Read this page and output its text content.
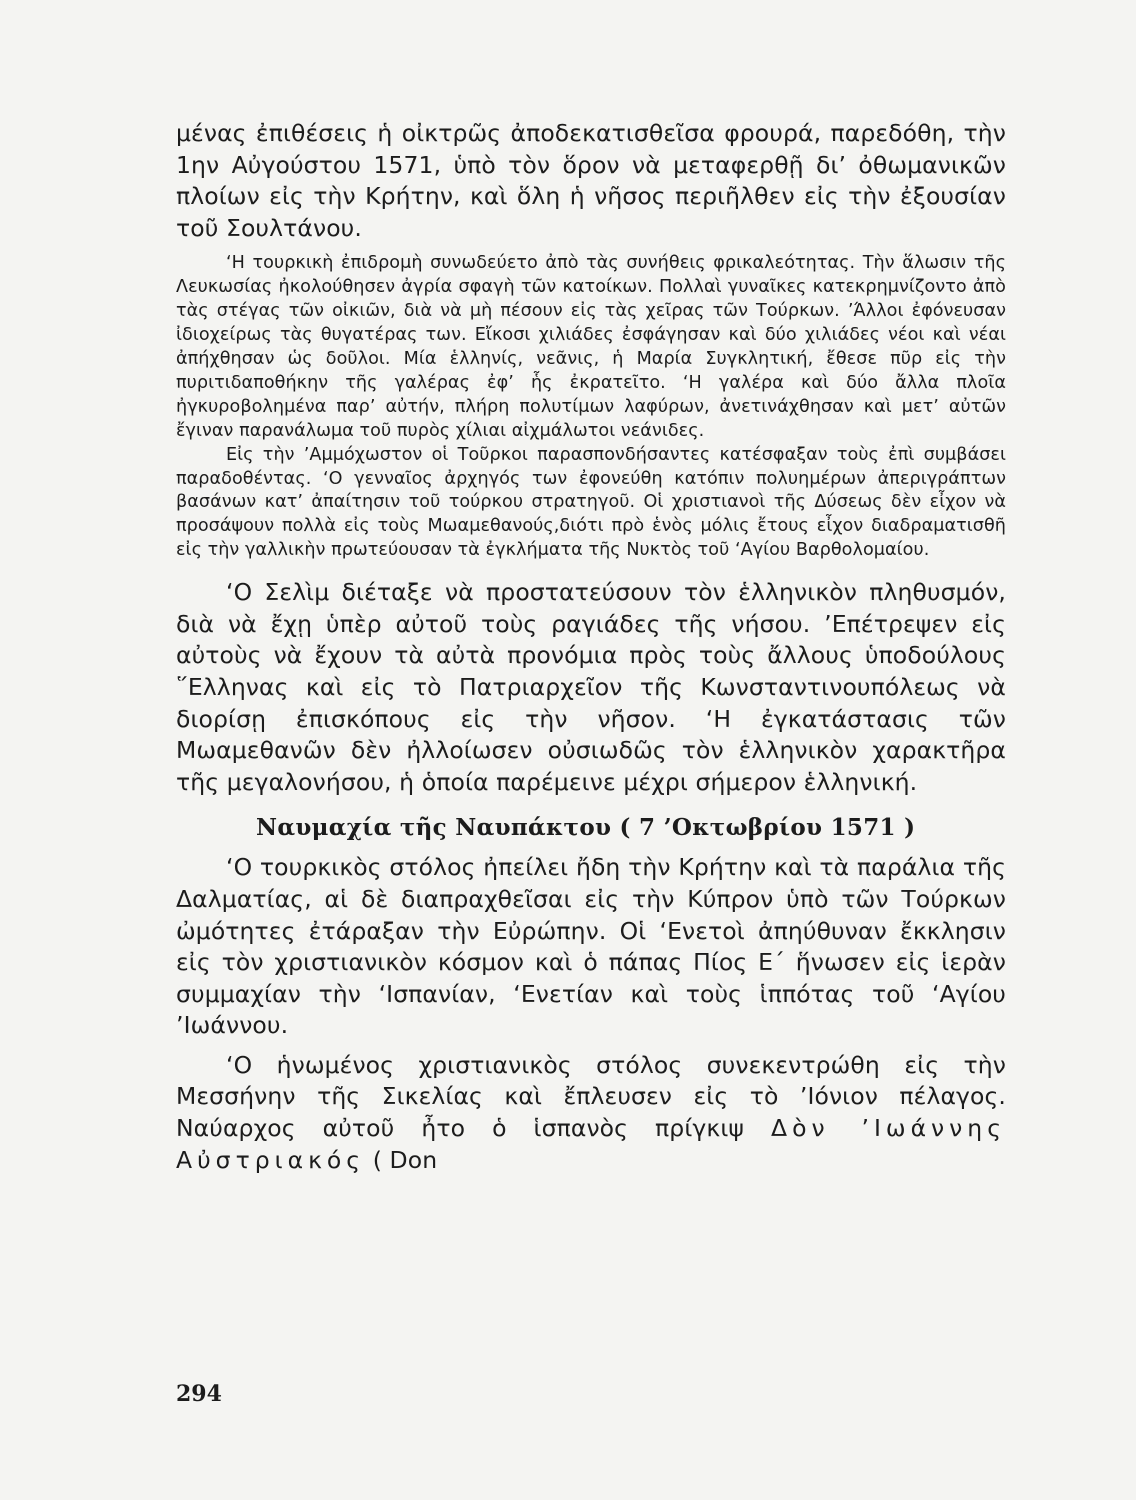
μένας ἐπιθέσεις ἡ οἰκτρῶς ἀποδεκατισθεῖσα φρουρά, παρεδόθη, τὴν 1ην Αὐγούστου 1571, ὑπὸ τὸν ὅρον νὰ μεταφερθῇ δι’ ὀθωμανικῶν πλοίων εἰς τὴν Κρήτην, καὶ ὅλη ἡ νῆσος περιῆλθεν εἰς τὴν ἐξουσίαν τοῦ Σουλτάνου.

‘Η τουρκικὴ ἐπιδρομὴ συνωδεύετο ἀπὸ τὰς συνήθεις φρικαλεότητας. Τὴν ἅλωσιν τῆς Λευκωσίας ἠκολούθησεν ἀγρία σφαγὴ τῶν κατοίκων. Πολλαὶ γυναῖκες κατεκρημνίζοντο ἀπὸ τὰς στέγας τῶν οἰκιῶν, διὰ νὰ μὴ πέσουν εἰς τὰς χεῖρας τῶν Τούρκων. ’Άλλοι ἐφόνευσαν ἰδιοχείρως τὰς θυγατέρας των. Εἴκοσι χιλιάδες ἐσφάγησαν καὶ δύο χιλιάδες νέοι καὶ νέαι ἀπήχθησαν ὡς δοῦλοι. Μία ἑλληνίς, νεᾶνις, ἡ Μαρία Συγκλητική, ἔθεσε πῦρ εἰς τὴν πυριτιδαποθήκην τῆς γαλέρας ἐφ’ ἧς ἐκρατεῖτο. ‘Η γαλέρα καὶ δύο ἄλλα πλοῖα ἠγκυροβολημένα παρ’ αὐτήν, πλήρη πολυτίμων λαφύρων, ἀνετινάχθησαν καὶ μετ’ αὐτῶν ἔγιναν παρανάλωμα τοῦ πυρὸς χίλιαι αἰχμάλωτοι νεάνιδες.

Εἰς τὴν ’Αμμόχωστον οἱ Τοῦρκοι παρασπονδήσαντες κατέσφαξαν τοὺς ἐπὶ συμβάσει παραδοθέντας. ‘Ο γενναῖος ἀρχηγός των ἐφονεύθη κατόπιν πολυημέρων ἀπεριγράπτων βασάνων κατ’ ἀπαίτησιν τοῦ τούρκου στρατηγοῦ. Οἱ χριστιανοὶ τῆς Δύσεως δὲν εἶχον νὰ προσάψουν πολλὰ εἰς τοὺς Μωαμεθανούς,διότι πρὸ ἑνὸς μόλις ἔτους εἶχον διαδραματισθῆ εἰς τὴν γαλλικὴν πρωτεύουσαν τὰ ἐγκλήματα τῆς Νυκτὸς τοῦ ‘Αγίου Βαρθολομαίου.

‘Ο Σελὶμ διέταξε νὰ προστατεύσουν τὸν ἑλληνικὸν πληθυσμόν, διὰ νὰ ἔχῃ ὑπὲρ αὐτοῦ τοὺς ραγιάδες τῆς νήσου. ’Επέτρεψεν εἰς αὐτοὺς νὰ ἔχουν τὰ αὐτὰ προνόμια πρὸς τοὺς ἄλλους ὑποδούλους ῞Ελληνας καὶ εἰς τὸ Πατριαρχεῖον τῆς Κωνσταντινουπόλεως νὰ διορίσῃ ἐπισκόπους εἰς τὴν νῆσον. ‘Η ἐγκατάστασις τῶν Μωαμεθανῶν δὲν ἠλλοίωσεν οὐσιωδῶς τὸν ἑλληνικὸν χαρακτῆρα τῆς μεγαλονήσου, ἡ ὁποία παρέμεινε μέχρι σήμερον ἑλληνική.

Ναυμαχία τῆς Ναυπάκτου ( 7 ’Οκτωβρίου 1571 )

‘Ο τουρκικὸς στόλος ἠπείλει ἤδη τὴν Κρήτην καὶ τὰ παράλια τῆς Δαλματίας, αἱ δὲ διαπραχθεῖσαι εἰς τὴν Κύπρον ὑπὸ τῶν Τούρκων ὠμότητες ἐτάραξαν τὴν Εὐρώπην. Οἱ ‘Ενετοὶ ἀπηύθυναν ἔκκλησιν εἰς τὸν χριστιανικὸν κόσμον καὶ ὁ πάπας Πίος Ε΄ ἥνωσεν εἰς ἱερὰν συμμαχίαν τὴν ‘Ισπανίαν, ‘Ενετίαν καὶ τοὺς ἱππότας τοῦ ‘Αγίου ’Ιωάννου.

‘Ο ἡνωμένος χριστιανικὸς στόλος συνεκεντρώθη εἰς τὴν Μεσσήνην τῆς Σικελίας καὶ ἔπλευσεν εἰς τὸ ’Ιόνιον πέλαγος. Ναύαρχος αὐτοῦ ἦτο ὁ ἱσπανὸς πρίγκιψ Δὸν ’Ιωάννης Αὐστριακός ( Don

294
